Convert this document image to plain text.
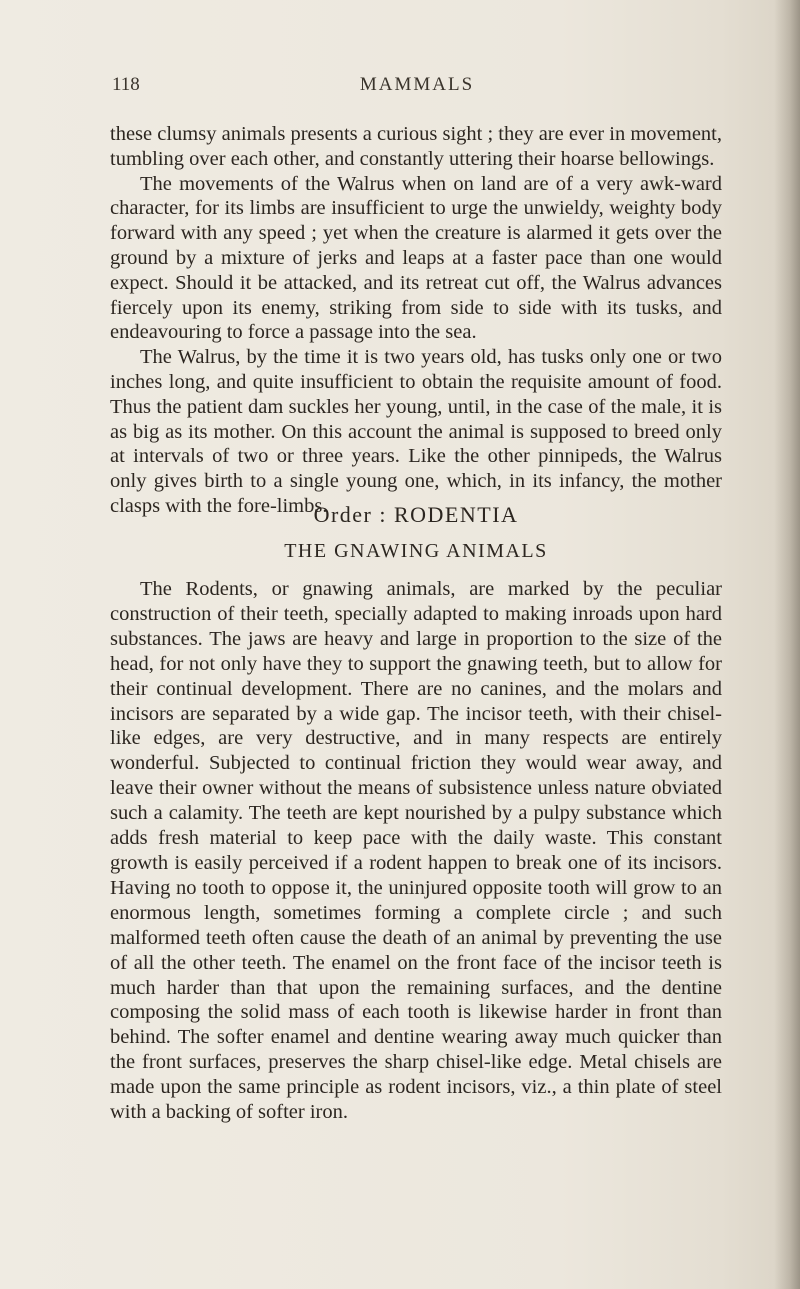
118	MAMMALS

these clumsy animals presents a curious sight ; they are ever in movement, tumbling over each other, and constantly uttering their hoarse bellowings.

The movements of the Walrus when on land are of a very awk-ward character, for its limbs are insufficient to urge the unwieldy, weighty body forward with any speed ; yet when the creature is alarmed it gets over the ground by a mixture of jerks and leaps at a faster pace than one would expect. Should it be attacked, and its retreat cut off, the Walrus advances fiercely upon its enemy, striking from side to side with its tusks, and endeavouring to force a passage into the sea.

The Walrus, by the time it is two years old, has tusks only one or two inches long, and quite insufficient to obtain the requisite amount of food. Thus the patient dam suckles her young, until, in the case of the male, it is as big as its mother. On this account the animal is supposed to breed only at intervals of two or three years. Like the other pinnipeds, the Walrus only gives birth to a single young one, which, in its infancy, the mother clasps with the fore-limbs.

Order : RODENTIA
THE GNAWING ANIMALS

The Rodents, or gnawing animals, are marked by the peculiar construction of their teeth, specially adapted to making inroads upon hard substances. The jaws are heavy and large in proportion to the size of the head, for not only have they to support the gnawing teeth, but to allow for their continual development. There are no canines, and the molars and incisors are separated by a wide gap. The incisor teeth, with their chisel-like edges, are very destructive, and in many respects are entirely wonderful. Subjected to continual friction they would wear away, and leave their owner without the means of subsistence unless nature obviated such a calamity. The teeth are kept nourished by a pulpy substance which adds fresh material to keep pace with the daily waste. This constant growth is easily perceived if a rodent happen to break one of its incisors. Having no tooth to oppose it, the uninjured opposite tooth will grow to an enormous length, sometimes forming a complete circle ; and such malformed teeth often cause the death of an animal by preventing the use of all the other teeth. The enamel on the front face of the incisor teeth is much harder than that upon the remaining surfaces, and the dentine composing the solid mass of each tooth is likewise harder in front than behind. The softer enamel and dentine wearing away much quicker than the front surfaces, preserves the sharp chisel-like edge. Metal chisels are made upon the same principle as rodent incisors, viz., a thin plate of steel with a backing of softer iron.
